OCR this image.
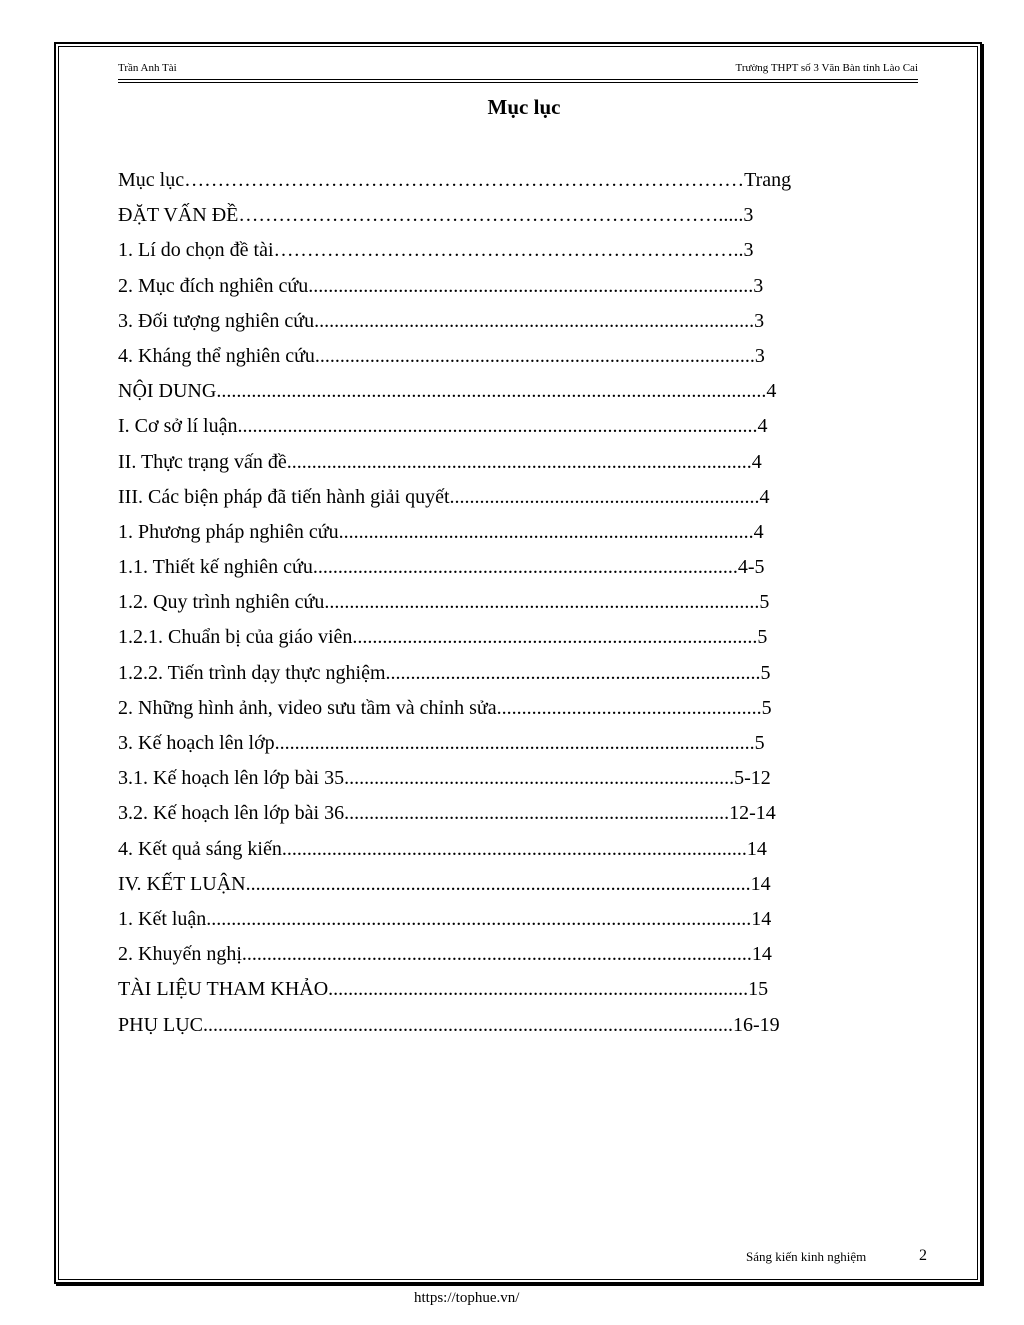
Trần Anh Tài	Trường THPT số 3 Văn Bàn tỉnh Lào Cai
Mục lục
Mục lục…………………………………………………………………………Trang
ĐẶT VẤN ĐỀ……………………………………………………………….....3
1. Lí do chọn đề tài……………………………………………………………..3
2. Mục đích nghiên cứu.........................................................................................3
3. Đối tượng nghiên cứu........................................................................................3
4. Kháng thể nghiên cứu........................................................................................3
NỘI DUNG..............................................................................................................4
I. Cơ sở lí luận........................................................................................................4
II. Thực trạng vấn đề.............................................................................................4
III. Các biện pháp đã tiến hành giải quyết..............................................................4
1. Phương pháp nghiên cứu...................................................................................4
1.1. Thiết kế nghiên cứu.....................................................................................4-5
1.2. Quy trình nghiên cứu.......................................................................................5
1.2.1. Chuẩn bị của giáo viên.................................................................................5
1.2.2. Tiến trình dạy thực nghiệm...........................................................................5
2. Những hình ảnh, video sưu tầm và chỉnh sửa.....................................................5
3. Kế hoạch lên lớp................................................................................................5
3.1. Kế hoạch lên lớp bài 35..............................................................................5-12
3.2. Kế hoạch lên lớp bài 36.............................................................................12-14
4. Kết quả sáng kiến.............................................................................................14
IV. KẾT LUẬN.....................................................................................................14
1. Kết luận.............................................................................................................14
2. Khuyến nghị......................................................................................................14
TÀI LIỆU THAM KHẢO....................................................................................15
PHỤ LỤC..........................................................................................................16-19
Sáng kiến kinh nghiệm	2
https://tophue.vn/
